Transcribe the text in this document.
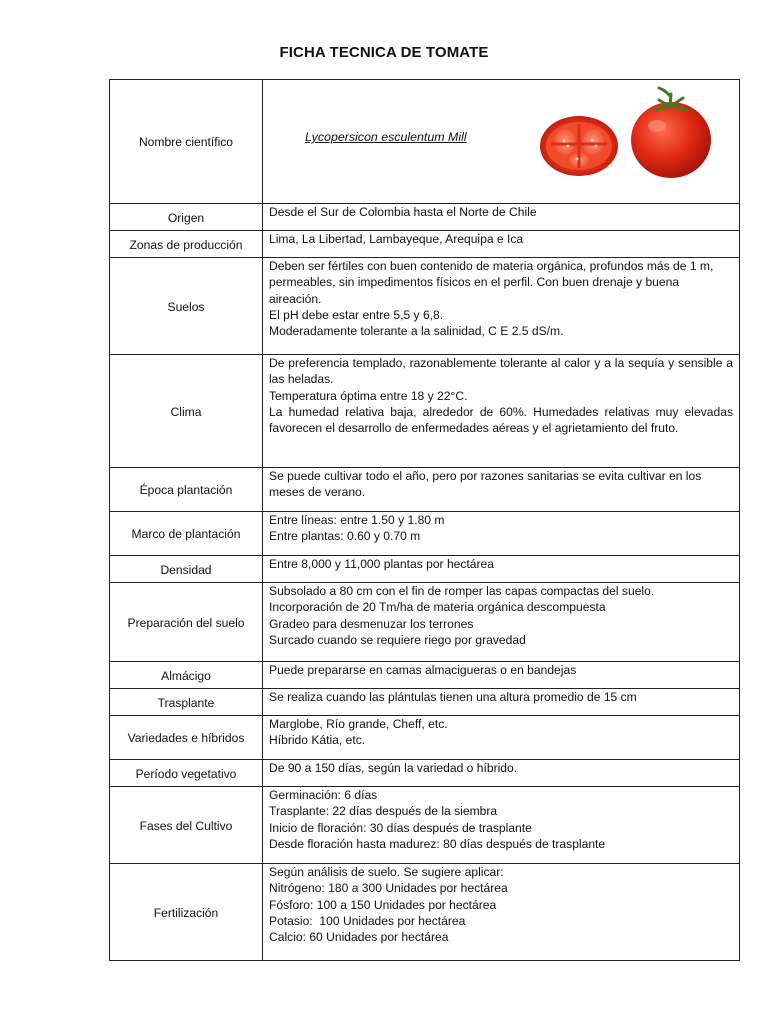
FICHA TECNICA DE TOMATE
Nombre científico	Lycopersicon esculentum Mill

Origen	Desde el Sur de Colombia hasta el Norte de Chile

Zonas de producción	Lima, La Libertad, Lambayeque, Arequipa e Ica

Suelos	Deben ser fértiles con buen contenido de materia orgánica, profundos más de 1 m, permeables, sin impedimentos físicos en el perfil. Con buen drenaje y buena aireación.
El pH debe estar entre 5,5 y 6,8.
Moderadamente tolerante a la salinidad, C E 2.5 dS/m.

Clima	De preferencia templado, razonablemente tolerante al calor y a la sequía y sensible a las heladas.
Temperatura óptima entre 18 y 22°C.
La humedad relativa baja, alrededor de 60%. Humedades relativas muy elevadas favorecen el desarrollo de enfermedades aéreas y el agrietamiento del fruto.

Época plantación	Se puede cultivar todo el año, pero por razones sanitarias se evita cultivar en los meses de verano.

Marco de plantación	Entre líneas: entre 1.50 y 1.80 m
Entre plantas: 0.60 y 0.70 m

Densidad	Entre 8,000 y 11,000 plantas por hectárea

Preparación del suelo	Subsolado a 80 cm con el fin de romper las capas compactas del suelo.
Incorporación de 20 Tm/ha de materia orgánica descompuesta
Gradeo para desmenuzar los terrones
Surcado cuando se requiere riego por gravedad

Almácigo	Puede prepararse en camas almacigueras o en bandejas

Trasplante	Se realiza cuando las plántulas tienen una altura promedio de 15 cm

Variedades e híbridos	Marglobe, Río grande, Cheff, etc.
Híbrido Kátia, etc.

Período vegetativo	De 90 a 150 días, según la variedad o híbrido.

Fases del Cultivo	Germinación: 6 días
Trasplante: 22 días después de la siembra
Inicio de floración: 30 días después de trasplante
Desde floración hasta madurez: 80 días después de trasplante

Fertilización	Según análisis de suelo. Se sugiere aplicar:
Nitrógeno: 180 a 300 Unidades por hectárea
Fósforo: 100 a 150 Unidades por hectárea
Potasio:  100 Unidades por hectárea
Calcio: 60 Unidades por hectárea
